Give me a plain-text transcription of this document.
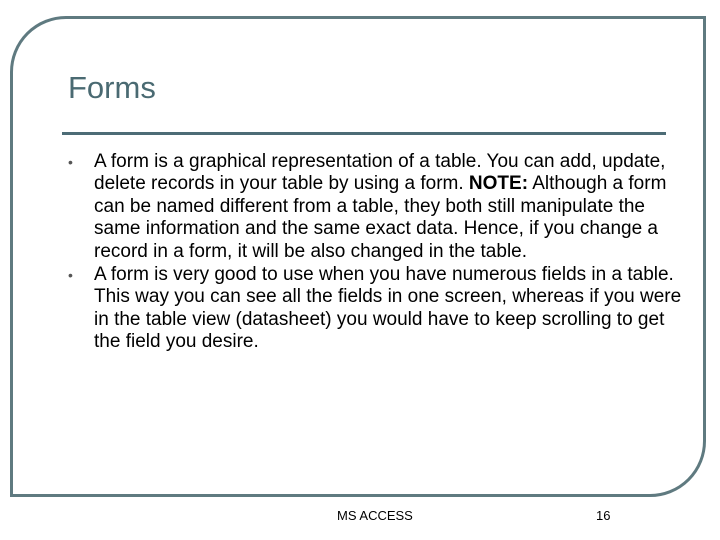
Forms
• A form is a graphical representation of a table. You can add, update, delete records in your table by using a form. NOTE: Although a form can be named different from a table, they both still manipulate the same information and the same exact data. Hence, if you change a record in a form, it will be also changed in the table.
• A form is very good to use when you have numerous fields in a table. This way you can see all the fields in one screen, whereas if you were in the table view (datasheet) you would have to keep scrolling to get the field you desire.
MS ACCESS	16
